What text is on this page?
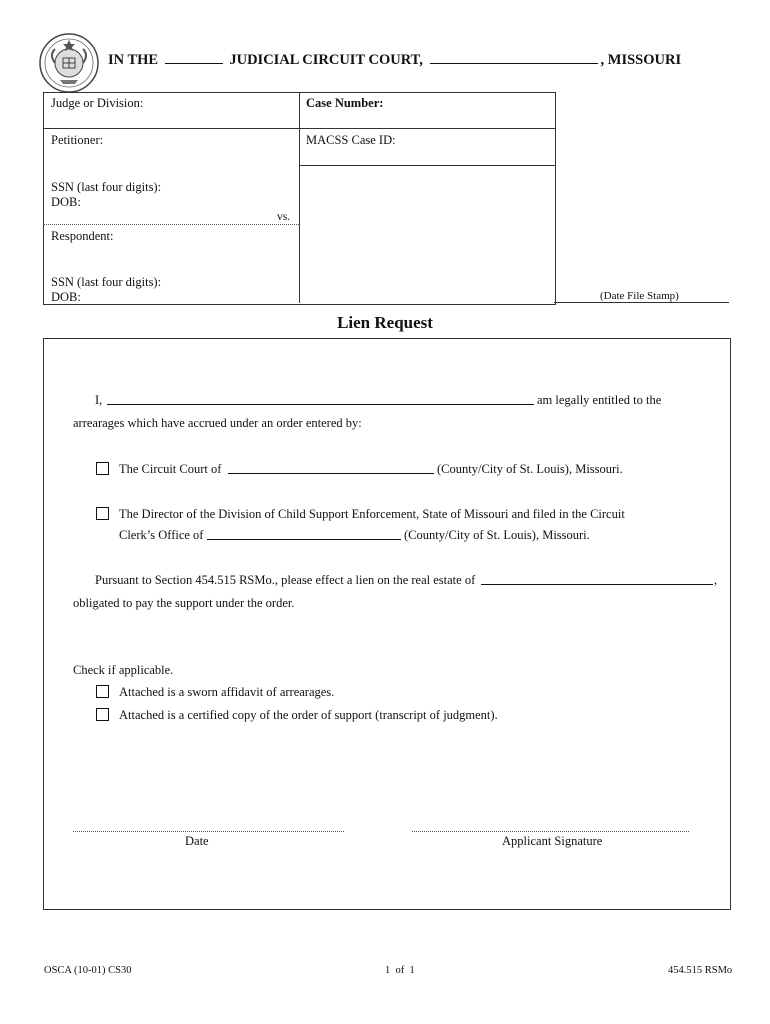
IN THE	JUDICIAL CIRCUIT COURT,	, MISSOURI
Judge or Division:	Case Number:
Petitioner:	MACSS Case ID:
SSN (last four digits):
DOB:
vs.
Respondent:
SSN (last four digits):
DOB:	(Date File Stamp)
Lien Request
I,	am legally entitled to the
arrearages which have accrued under an order entered by:
The Circuit Court of	(County/City of St. Louis), Missouri.
The Director of the Division of Child Support Enforcement, State of Missouri and filed in the Circuit
Clerk’s Office of	(County/City of St. Louis), Missouri.
Pursuant to Section 454.515 RSMo., please effect a lien on the real estate of	,
obligated to pay the support under the order.
Check if applicable.
Attached is a sworn affidavit of arrearages.
Attached is a certified copy of the order of support (transcript of judgment).
Date	Applicant Signature
OSCA (10-01) CS30	1  of  1	454.515 RSMo
